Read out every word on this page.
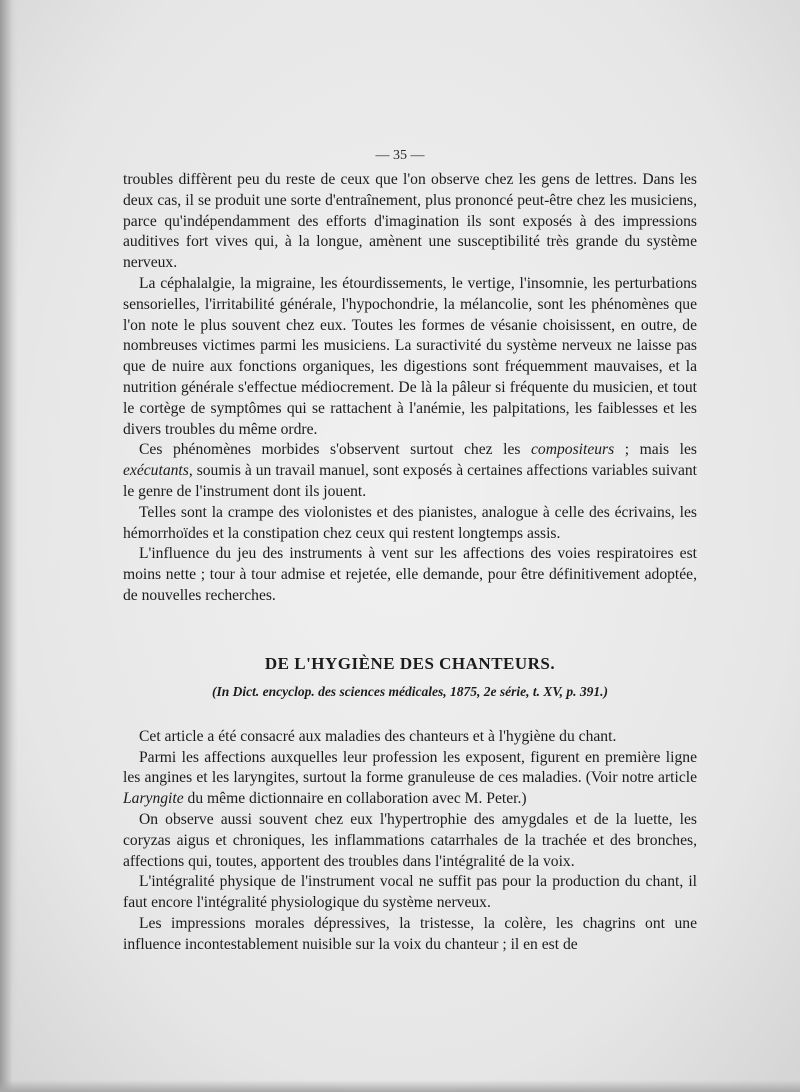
— 35 —

troubles diffèrent peu du reste de ceux que l'on observe chez les gens de lettres. Dans les deux cas, il se produit une sorte d'entraînement, plus prononcé peut-être chez les musiciens, parce qu'indépendamment des efforts d'imagination ils sont exposés à des impressions auditives fort vives qui, à la longue, amènent une susceptibilité très grande du système nerveux.

La céphalalgie, la migraine, les étourdissements, le vertige, l'insomnie, les perturbations sensorielles, l'irritabilité générale, l'hypochondrie, la mélancolie, sont les phénomènes que l'on note le plus souvent chez eux. Toutes les formes de vésanie choisissent, en outre, de nombreuses victimes parmi les musiciens. La suractivité du système nerveux ne laisse pas que de nuire aux fonctions organiques, les digestions sont fréquemment mauvaises, et la nutrition générale s'effectue médiocrement. De là la pâleur si fréquente du musicien, et tout le cortège de symptômes qui se rattachent à l'anémie, les palpitations, les faiblesses et les divers troubles du même ordre.

Ces phénomènes morbides s'observent surtout chez les compositeurs ; mais les exécutants, soumis à un travail manuel, sont exposés à certaines affections variables suivant le genre de l'instrument dont ils jouent.

Telles sont la crampe des violonistes et des pianistes, analogue à celle des écrivains, les hémorrhoïdes et la constipation chez ceux qui restent longtemps assis.

L'influence du jeu des instruments à vent sur les affections des voies respiratoires est moins nette ; tour à tour admise et rejetée, elle demande, pour être définitivement adoptée, de nouvelles recherches.

DE L'HYGIÈNE DES CHANTEURS.
(In Dict. encyclop. des sciences médicales, 1875, 2e série, t. XV, p. 391.)

Cet article a été consacré aux maladies des chanteurs et à l'hygiène du chant.

Parmi les affections auxquelles leur profession les exposent, figurent en première ligne les angines et les laryngites, surtout la forme granuleuse de ces maladies. (Voir notre article Laryngite du même dictionnaire en collaboration avec M. Peter.)

On observe aussi souvent chez eux l'hypertrophie des amygdales et de la luette, les coryzas aigus et chroniques, les inflammations catarrhales de la trachée et des bronches, affections qui, toutes, apportent des troubles dans l'intégralité de la voix.

L'intégralité physique de l'instrument vocal ne suffit pas pour la production du chant, il faut encore l'intégralité physiologique du système nerveux.

Les impressions morales dépressives, la tristesse, la colère, les chagrins ont une influence incontestablement nuisible sur la voix du chanteur ; il en est de
